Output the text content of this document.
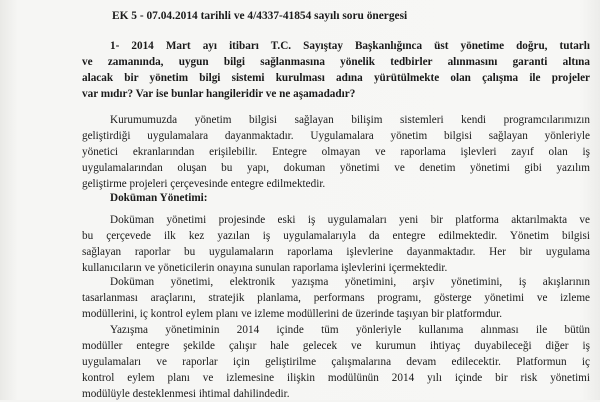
EK 5 - 07.04.2014 tarihli ve 4/4337-41854 sayılı soru önergesi
1- 2014 Mart ayı itibarı T.C. Sayıştay Başkanlığınca üst yönetime doğru, tutarlı
ve zamanında, uygun bilgi sağlanmasına yönelik tedbirler alınmasını garanti altına
alacak bir yönetim bilgi sistemi kurulması adına yürütülmekte olan çalışma ile projeler
var mıdır? Var ise bunlar hangileridir ve ne aşamadadır?
Kurumumuzda yönetim bilgisi sağlayan bilişim sistemleri kendi programcılarımızın
geliştirdiği uygulamalara dayanmaktadır. Uygulamalara yönetim bilgisi sağlayan yönleriyle
yönetici ekranlarından erişilebilir. Entegre olmayan ve raporlama işlevleri zayıf olan iş
uygulamalarından oluşan bu yapı, dokuman yönetimi ve denetim yönetimi gibi yazılım
geliştirme projeleri çerçevesinde entegre edilmektedir.
Doküman Yönetimi:
Doküman yönetimi projesinde eski iş uygulamaları yeni bir platforma aktarılmakta ve
bu çerçevede ilk kez yazılan iş uygulamalarıyla da entegre edilmektedir. Yönetim bilgisi
sağlayan raporlar bu uygulamaların raporlama işlevlerine dayanmaktadır. Her bir uygulama
kullanıcıların ve yöneticilerin onayına sunulan raporlama işlevlerini içermektedir.
Doküman yönetimi, elektronik yazışma yönetimini, arşiv yönetimini, iş akışlarının
tasarlanması araçlarını, stratejik planlama, performans programı, gösterge yönetimi ve izleme
modüllerini, iç kontrol eylem planı ve izleme modüllerini de üzerinde taşıyan bir platformdur.
Yazışma yönetiminin 2014 içinde tüm yönleriyle kullanıma alınması ile bütün
modüller entegre şekilde çalışır hale gelecek ve kurumun ihtiyaç duyabileceği diğer iş
uygulamaları ve raporlar için geliştirilme çalışmalarına devam edilecektir. Platformun iç
kontrol eylem planı ve izlemesine ilişkin modülünün 2014 yılı içinde bir risk yönetimi
modülüyle desteklenmesi ihtimal dahilindedir.
